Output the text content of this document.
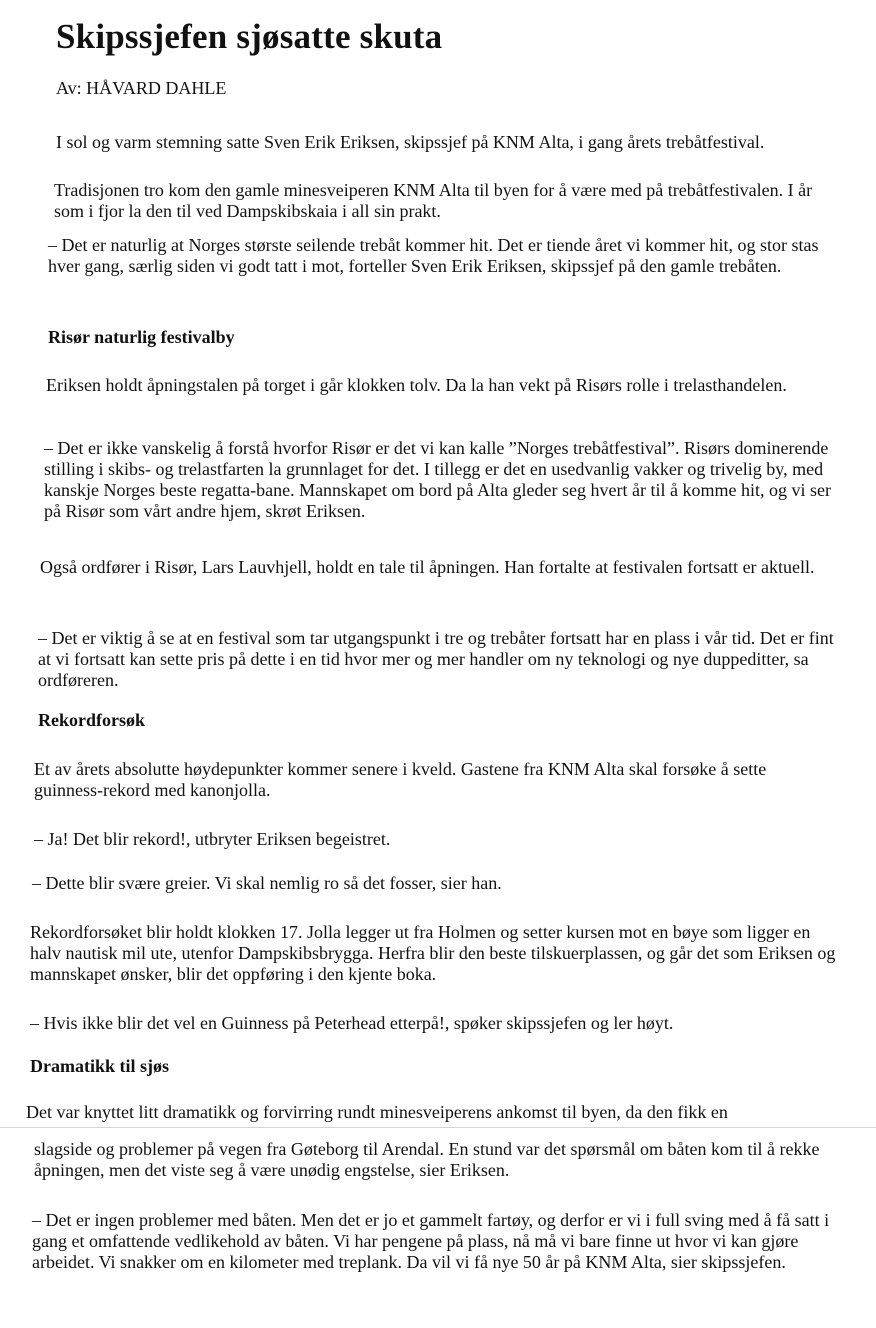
Skipssjefen sjøsatte skuta
Av: HÅVARD DAHLE

I sol og varm stemning satte Sven Erik Eriksen, skipssjef på KNM Alta, i gang årets trebåtfestival.

Tradisjonen tro kom den gamle minesveiperen KNM Alta til byen for å være med på trebåtfestivalen. I år som i fjor la den til ved Dampskibskaia i all sin prakt.

– Det er naturlig at Norges største seilende trebåt kommer hit. Det er tiende året vi kommer hit, og stor stas hver gang, særlig siden vi godt tatt i mot, forteller Sven Erik Eriksen, skipssjef på den gamle trebåten.

Risør naturlig festivalby

Eriksen holdt åpningstalen på torget i går klokken tolv. Da la han vekt på Risørs rolle i trelasthandelen.

– Det er ikke vanskelig å forstå hvorfor Risør er det vi kan kalle ”Norges trebåtfestival”. Risørs dominerende stilling i skibs- og trelastfarten la grunnlaget for det. I tillegg er det en usedvanlig vakker og trivelig by, med kanskje Norges beste regatta-bane. Mannskapet om bord på Alta gleder seg hvert år til å komme hit, og vi ser på Risør som vårt andre hjem, skrøt Eriksen.

Også ordfører i Risør, Lars Lauvhjell, holdt en tale til åpningen. Han fortalte at festivalen fortsatt er aktuell.

– Det er viktig å se at en festival som tar utgangspunkt i tre og trebåter fortsatt har en plass i vår tid. Det er fint at vi fortsatt kan sette pris på dette i en tid hvor mer og mer handler om ny teknologi og nye duppeditter, sa ordføreren.

Rekordforsøk

Et av årets absolutte høydepunkter kommer senere i kveld. Gastene fra KNM Alta skal forsøke å sette guinness-rekord med kanonjolla.

– Ja! Det blir rekord!, utbryter Eriksen begeistret.

– Dette blir svære greier. Vi skal nemlig ro så det fosser, sier han.

Rekordforsøket blir holdt klokken 17. Jolla legger ut fra Holmen og setter kursen mot en bøye som ligger en halv nautisk mil ute, utenfor Dampskibsbrygga. Herfra blir den beste tilskuerplassen, og går det som Eriksen og mannskapet ønsker, blir det oppføring i den kjente boka.

– Hvis ikke blir det vel en Guinness på Peterhead etterpå!, spøker skipssjefen og ler høyt.

Dramatikk til sjøs

Det var knyttet litt dramatikk og forvirring rundt minesveiperens ankomst til byen, da den fikk en

slagside og problemer på vegen fra Gøteborg til Arendal. En stund var det spørsmål om båten kom til å rekke åpningen, men det viste seg å være unødig engstelse, sier Eriksen.

– Det er ingen problemer med båten. Men det er jo et gammelt fartøy, og derfor er vi i full sving med å få satt i gang et omfattende vedlikehold av båten. Vi har pengene på plass, nå må vi bare finne ut hvor vi kan gjøre arbeidet. Vi snakker om en kilometer med treplank. Da vil vi få nye 50 år på KNM Alta, sier skipssjefen.
